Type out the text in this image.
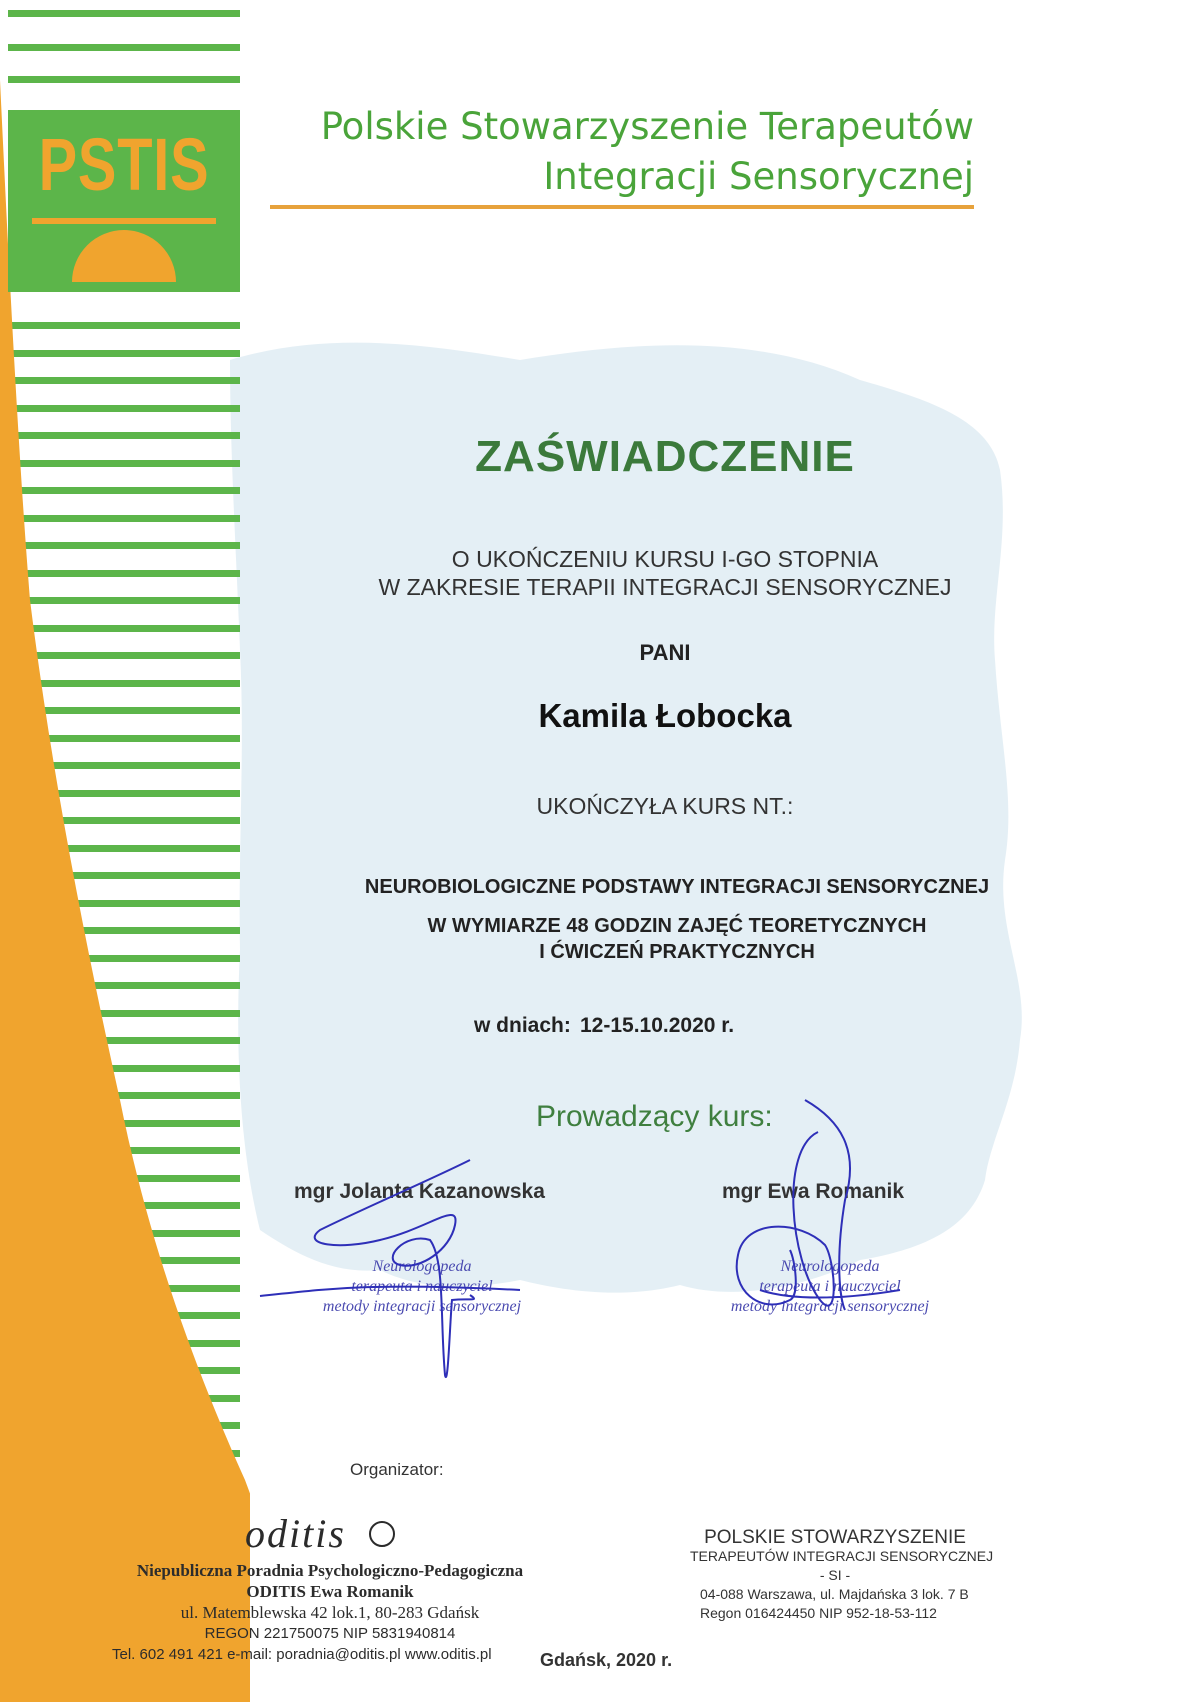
PSTIS	Polskie Stowarzyszenie Terapeutów
Integracji Sensorycznej
ZAŚWIADCZENIE
O UKOŃCZENIU KURSU I-GO STOPNIA
W ZAKRESIE TERAPII INTEGRACJI SENSORYCZNEJ
PANI
Kamila Łobocka
UKOŃCZYŁA KURS NT.:
NEUROBIOLOGICZNE PODSTAWY INTEGRACJI SENSORYCZNEJ
W WYMIARZE 48 GODZIN ZAJĘĆ TEORETYCZNYCH
I ĆWICZEŃ PRAKTYCZNYCH
w dniach: 12-15.10.2020 r.
Prowadzący kurs:
mgr Jolanta Kazanowska	mgr Ewa Romanik
Neurologopeda
terapeuta i nauczyciel
metody integracji sensorycznej
Neurologopeda
terapeuta i nauczyciel
metody integracji sensorycznej
Organizator:
oditis
Niepubliczna Poradnia Psychologiczno-Pedagogiczna
ODITIS Ewa Romanik
ul. Matemblewska 42 lok.1, 80-283 Gdańsk
REGON 221750075 NIP 5831940814
Tel. 602 491 421 e-mail: poradnia@oditis.pl www.oditis.pl
POLSKIE STOWARZYSZENIE
TERAPEUTÓW INTEGRACJI SENSORYCZNEJ
- SI -
04-088 Warszawa, ul. Majdańska 3 lok. 7 B
Regon 016424450 NIP 952-18-53-112
Gdańsk, 2020 r.
